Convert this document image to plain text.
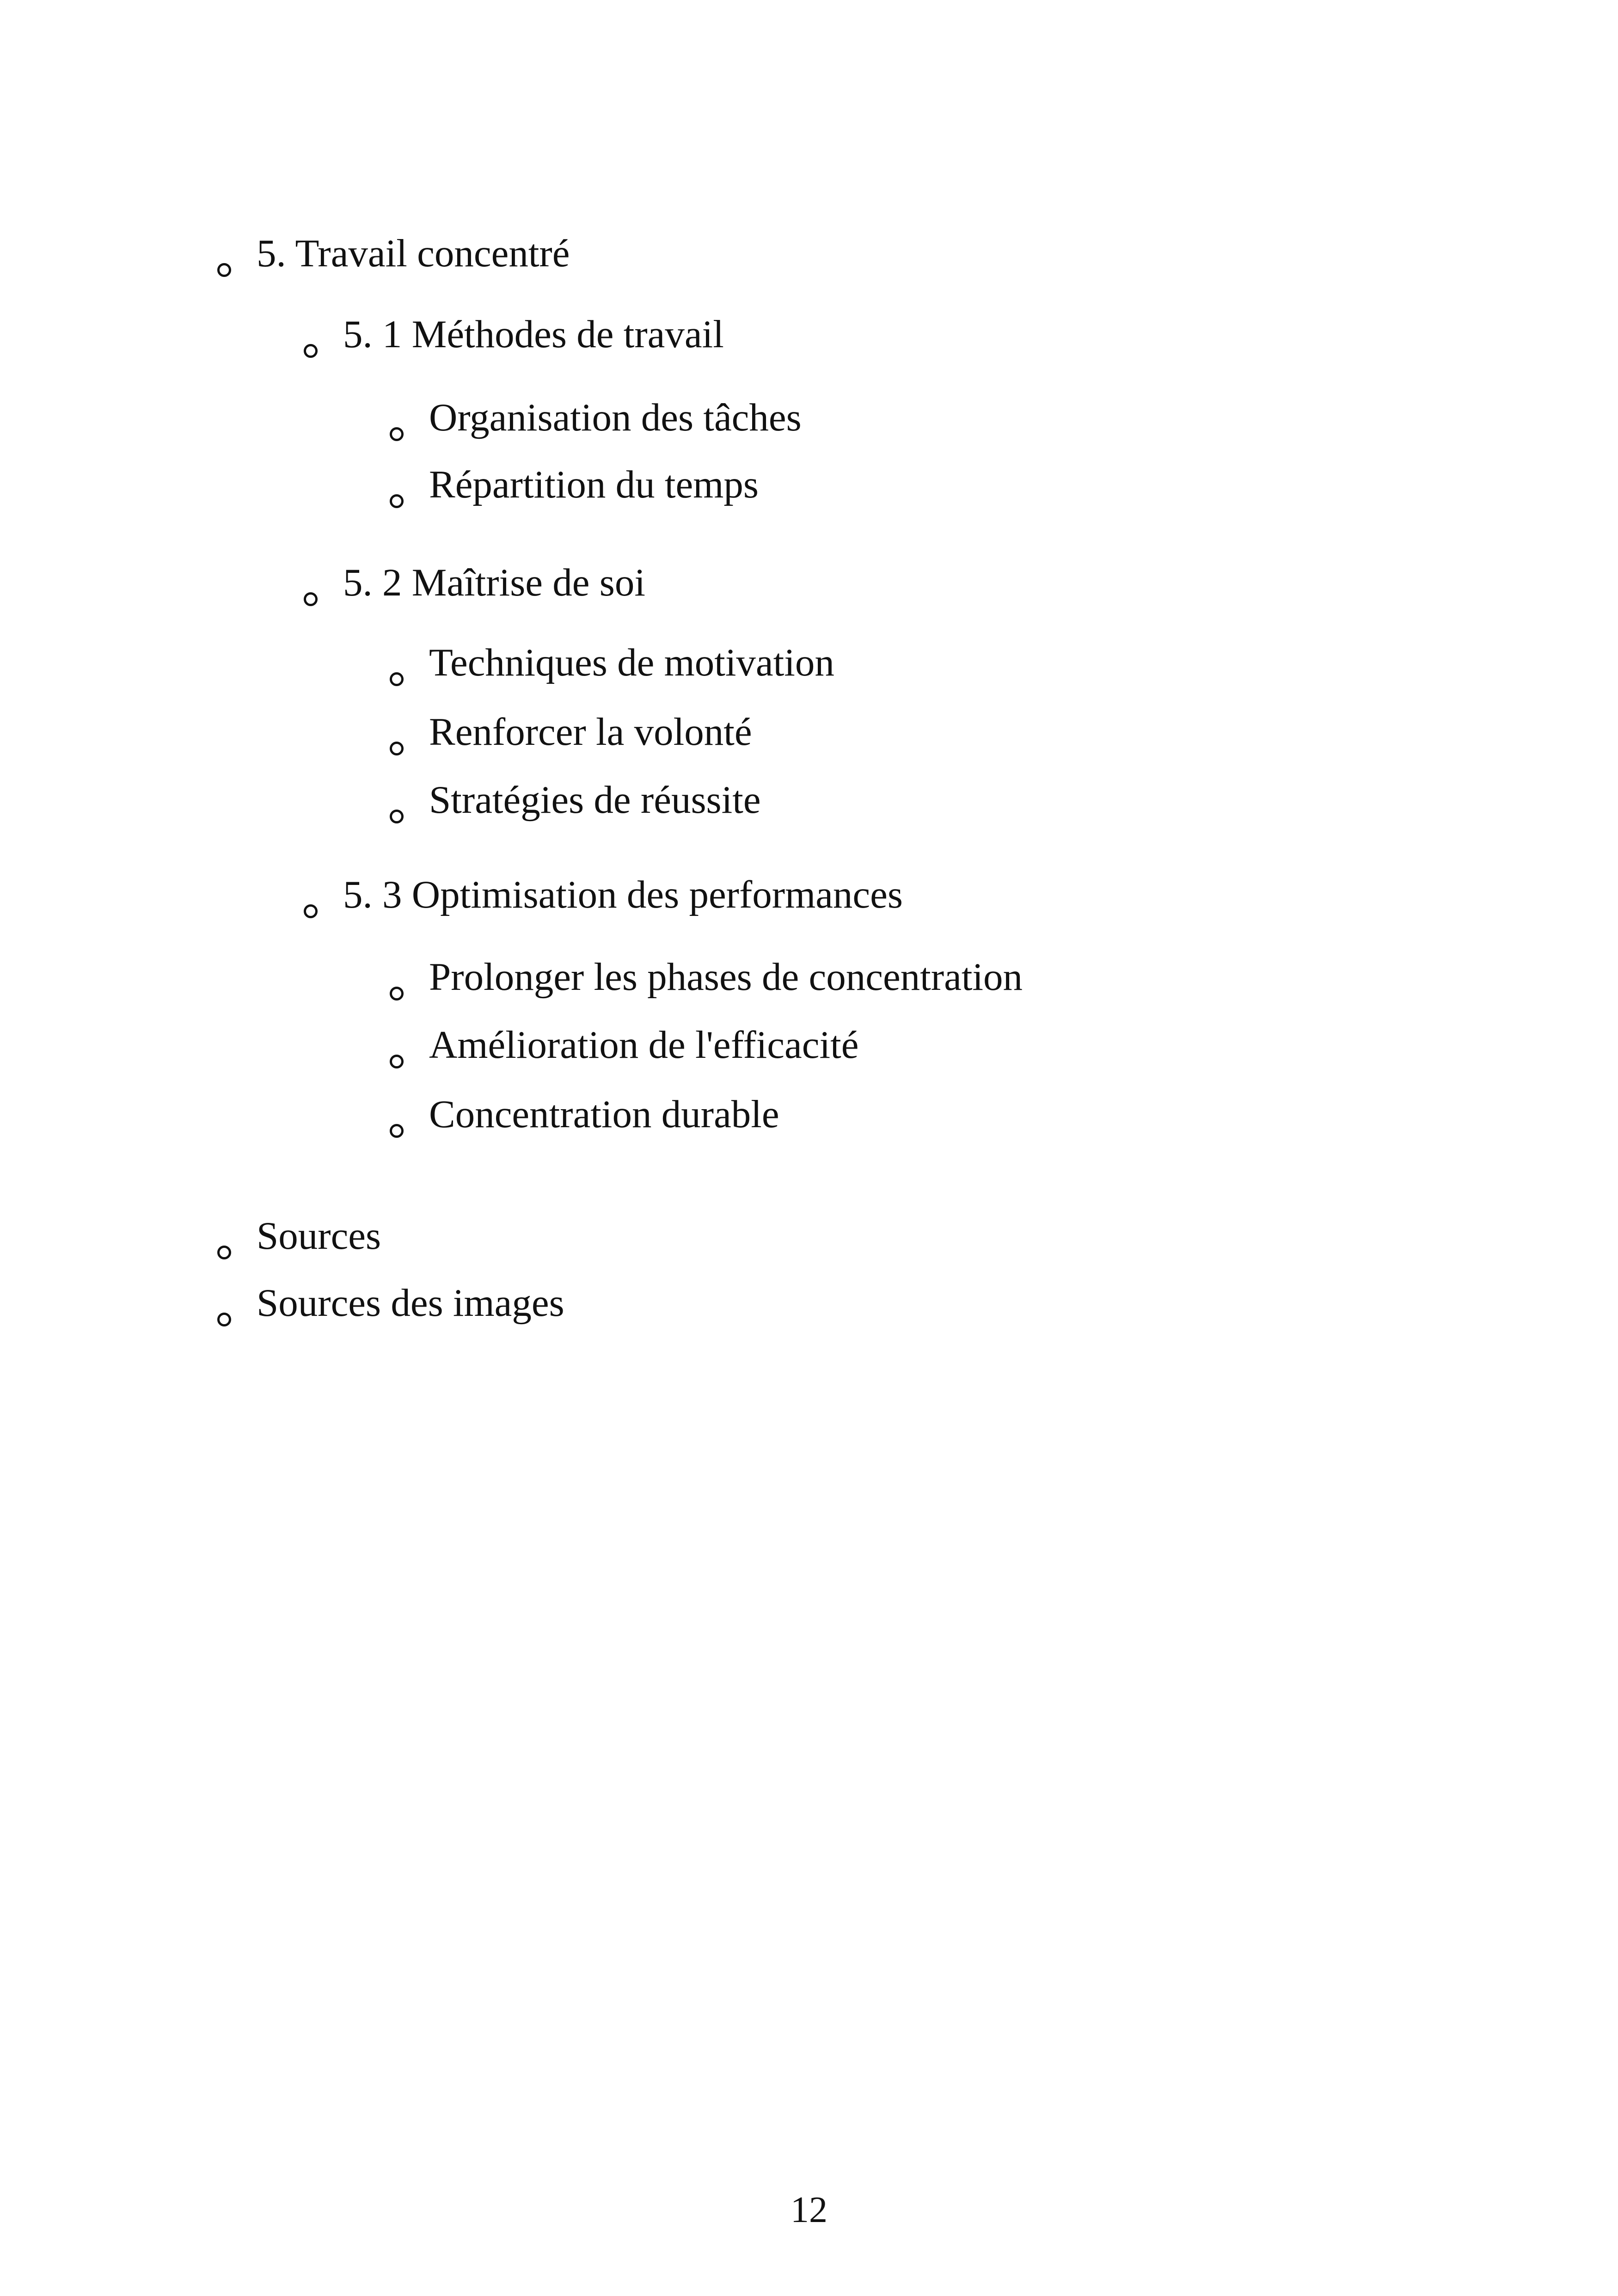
5. Travail concentré
5. 1 Méthodes de travail
Organisation des tâches
Répartition du temps
5. 2 Maîtrise de soi
Techniques de motivation
Renforcer la volonté
Stratégies de réussite
5. 3 Optimisation des performances
Prolonger les phases de concentration
Amélioration de l'efficacité
Concentration durable
Sources
Sources des images
12
